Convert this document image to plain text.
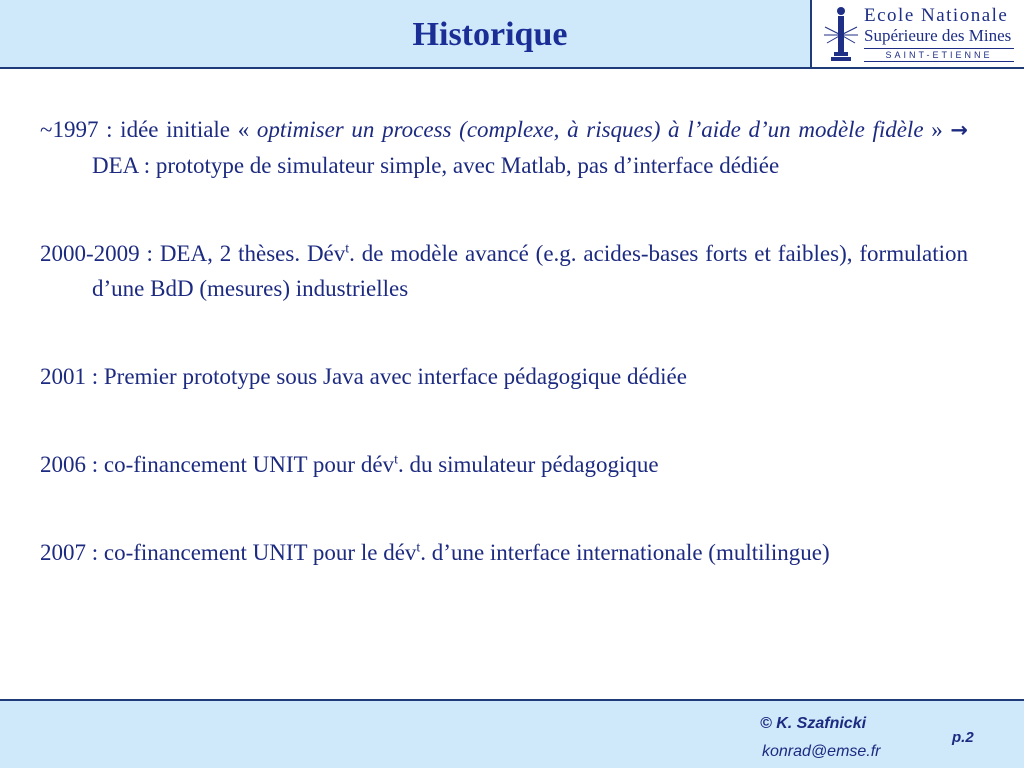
Historique
Ecole Nationale
Supérieure des Mines
SAINT-ETIENNE

~1997 : idée initiale « optimiser un process (complexe, à risques) à l’aide d’un modèle fidèle » → DEA : prototype de simulateur simple, avec Matlab, pas d’interface dédiée

2000-2009 : DEA, 2 thèses. Dév$^t$. de modèle avancé (e.g. acides-bases forts et faibles), formulation d’une BdD (mesures) industrielles

2001 : Premier prototype sous Java avec interface pédagogique dédiée

2006 : co-financement UNIT pour dév$^t$. du simulateur pédagogique

2007 : co-financement UNIT pour le dév$^t$. d’une interface internationale (multilingue)

© K. Szafnicki
konrad@emse.fr
p.2
